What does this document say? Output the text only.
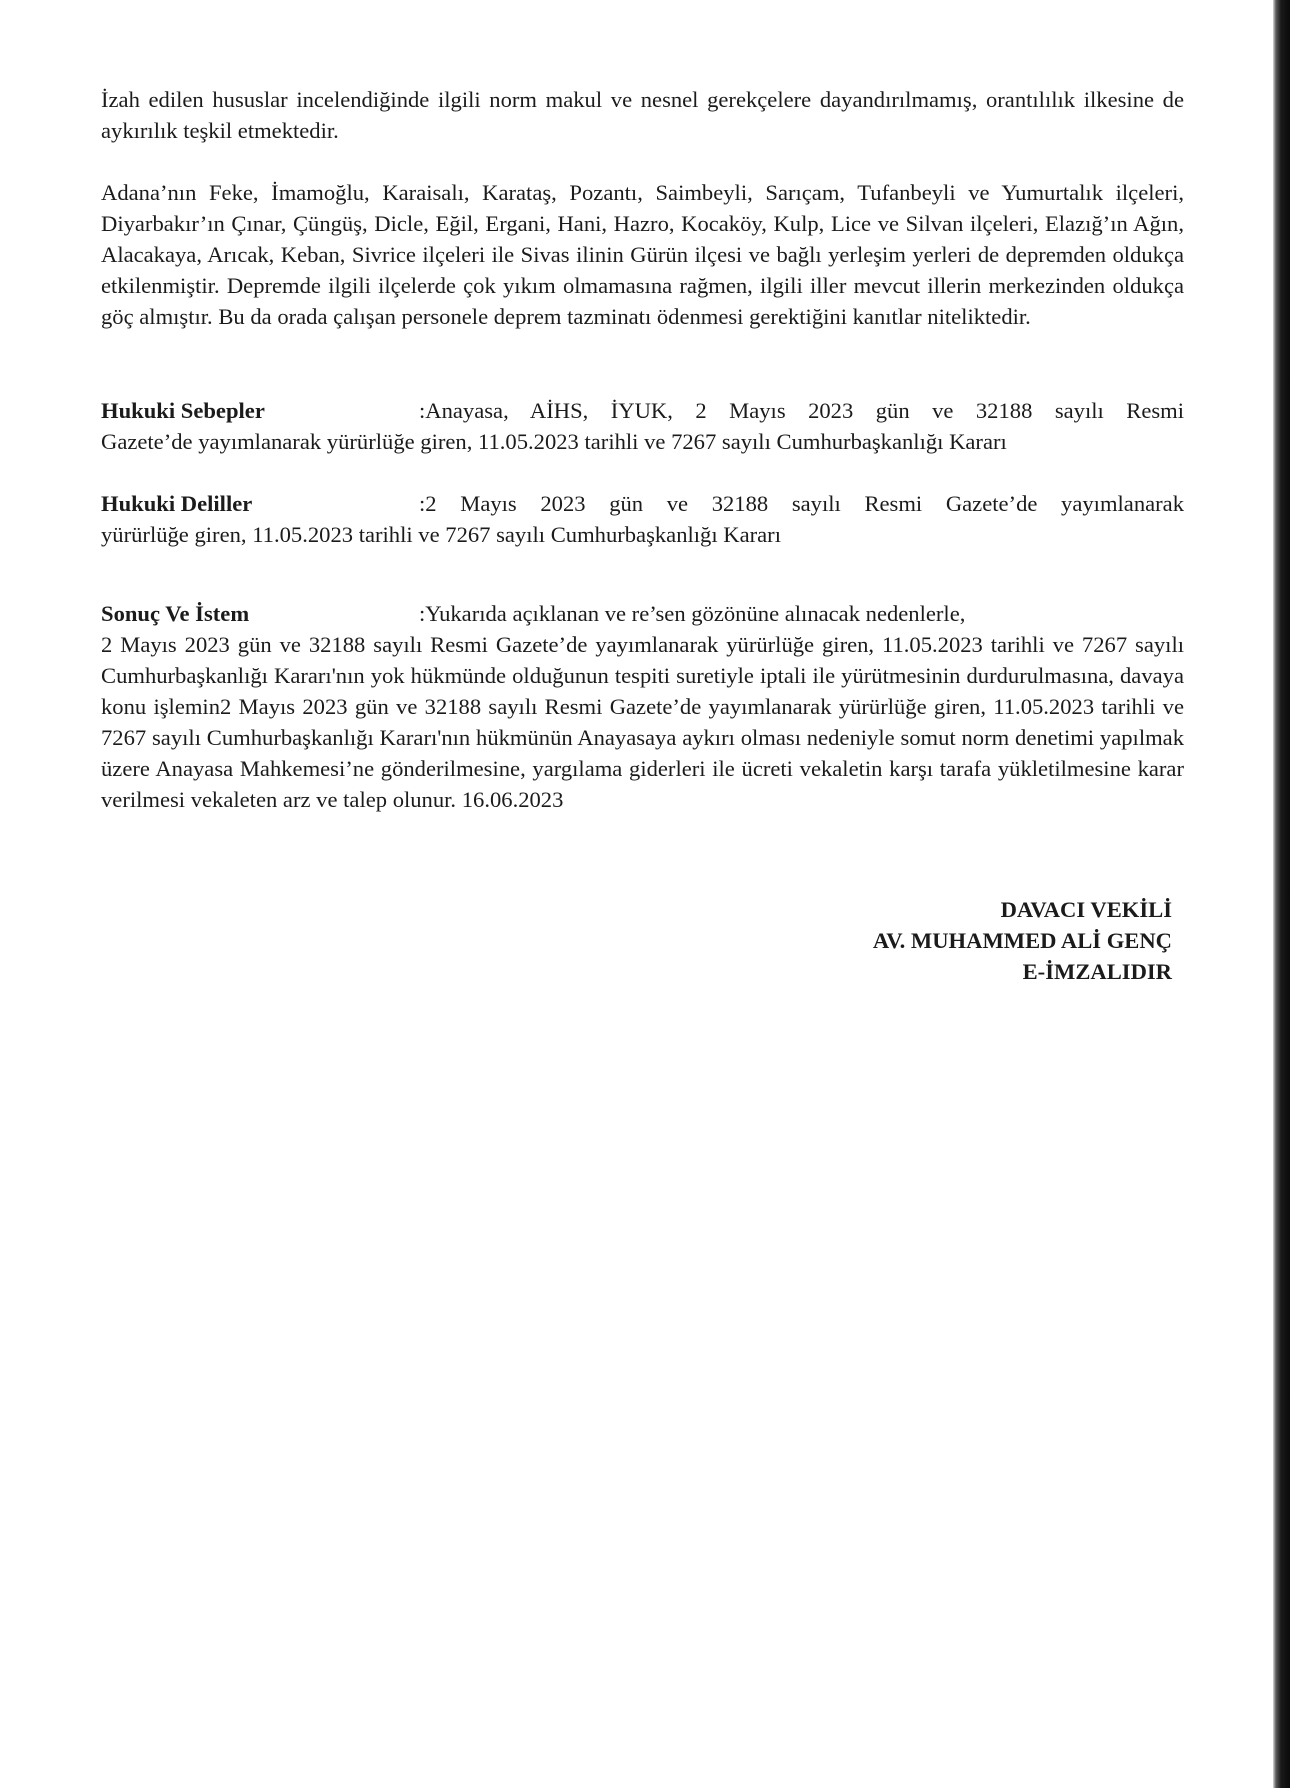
İzah edilen hususlar incelendiğinde ilgili norm makul ve nesnel gerekçelere dayandırılmamış, orantılılık ilkesine de aykırılık teşkil etmektedir.

Adana’nın Feke, İmamoğlu, Karaisalı, Karataş, Pozantı, Saimbeyli, Sarıçam, Tufanbeyli ve Yumurtalık ilçeleri, Diyarbakır’ın Çınar, Çüngüş, Dicle, Eğil, Ergani, Hani, Hazro, Kocaköy, Kulp, Lice ve Silvan ilçeleri, Elazığ’ın Ağın, Alacakaya, Arıcak, Keban, Sivrice ilçeleri ile Sivas ilinin Gürün ilçesi ve bağlı yerleşim yerleri de depremden oldukça etkilenmiştir. Depremde ilgili ilçelerde çok yıkım olmamasına rağmen, ilgili iller mevcut illerin merkezinden oldukça göç almıştır. Bu da orada çalışan personele deprem tazminatı ödenmesi gerektiğini kanıtlar niteliktedir.

Hukuki Sebepler	:Anayasa, AİHS, İYUK, 2 Mayıs 2023 gün ve 32188 sayılı Resmi

Gazete’de yayımlanarak yürürlüğe giren, 11.05.2023 tarihli ve 7267 sayılı Cumhurbaşkanlığı Kararı

Hukuki Deliller	:2 Mayıs 2023 gün ve 32188 sayılı Resmi Gazete’de yayımlanarak

yürürlüğe giren, 11.05.2023 tarihli ve 7267 sayılı Cumhurbaşkanlığı Kararı

Sonuç Ve İstem	:Yukarıda açıklanan ve re’sen gözönüne alınacak nedenlerle,

2 Mayıs 2023 gün ve 32188 sayılı Resmi Gazete’de yayımlanarak yürürlüğe giren, 11.05.2023 tarihli ve 7267 sayılı Cumhurbaşkanlığı Kararı'nın yok hükmünde olduğunun tespiti suretiyle iptali ile yürütmesinin durdurulmasına, davaya konu işlemin2 Mayıs 2023 gün ve 32188 sayılı Resmi Gazete’de yayımlanarak yürürlüğe giren, 11.05.2023 tarihli ve 7267 sayılı Cumhurbaşkanlığı Kararı'nın hükmünün Anayasaya aykırı olması nedeniyle somut norm denetimi yapılmak üzere Anayasa Mahkemesi’ne gönderilmesine, yargılama giderleri ile ücreti vekaletin karşı tarafa yükletilmesine karar verilmesi vekaleten arz ve talep olunur. 16.06.2023

DAVACI VEKİLİ
AV. MUHAMMED ALİ GENÇ
E-İMZALIDIR
